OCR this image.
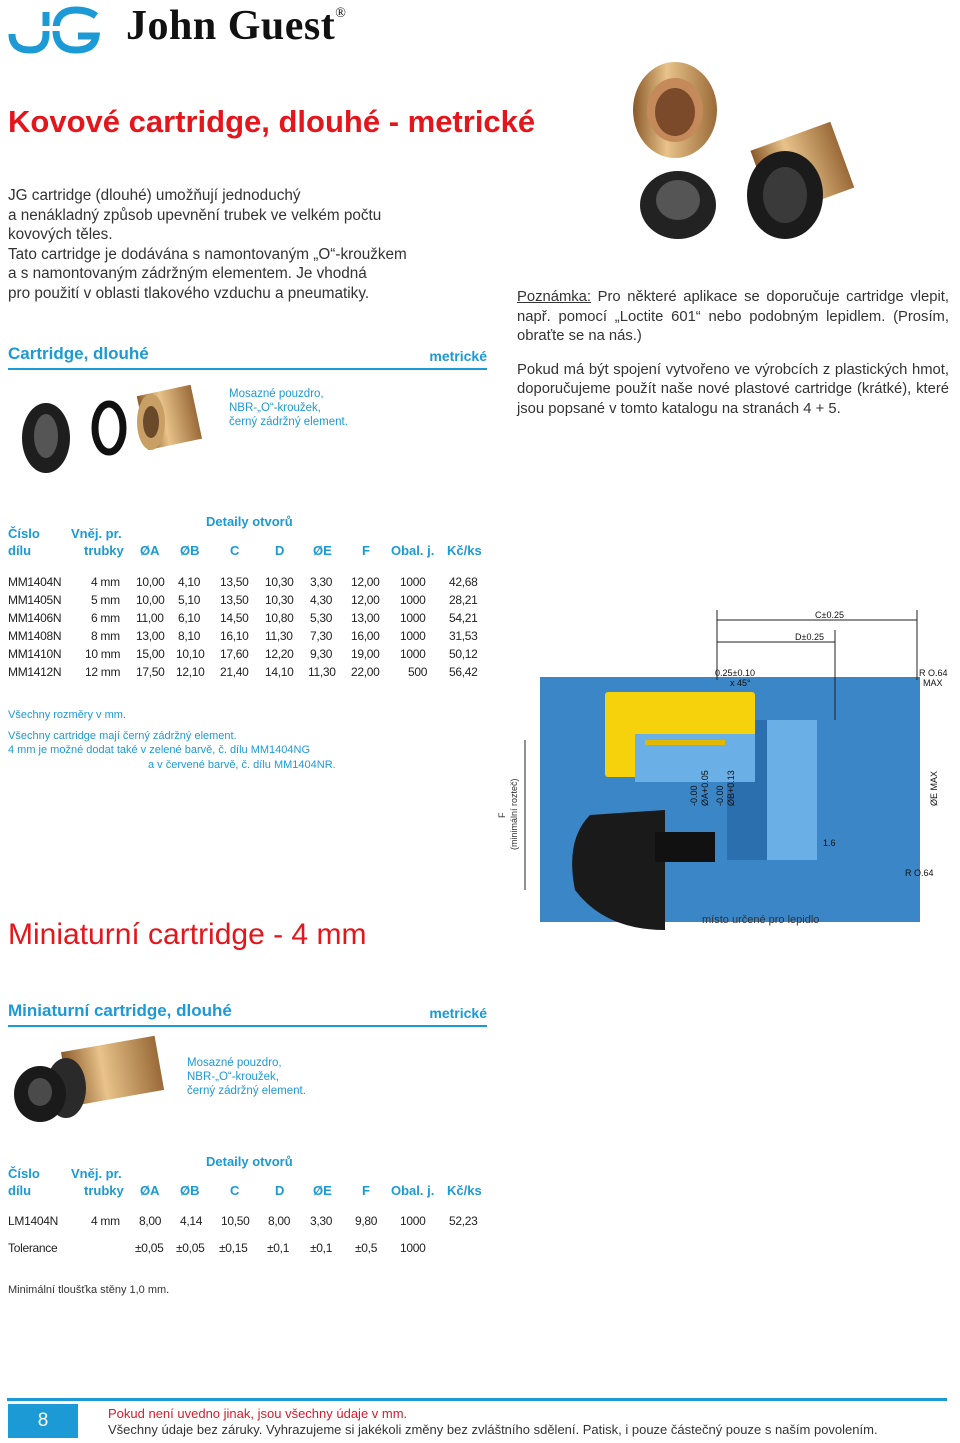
John Guest®
Kovové cartridge, dlouhé - metrické
JG cartridge (dlouhé) umožňují jednoduchý
a nenákladný způsob upevnění trubek ve velkém počtu
kovových těles.
Tato cartridge je dodávána s namontovaným „O“-kroužkem
a s namontovaným zádržným elementem. Je vhodná
pro použití v oblasti tlakového vzduchu a pneumatiky.	Poznámka: Pro některé aplikace se doporučuje cartridge vlepit, např. pomocí „Loctite 601“ nebo podobným lepidlem. (Prosím, obraťte se na nás.)

Pokud má být spojení vytvořeno ve výrobcích z plastických hmot, doporučujeme použít naše nové plastové cartridge (krátké), které jsou popsané v tomto katalogu na stranách 4 + 5.

Cartridge, dlouhé	metrické
Mosazné pouzdro,
NBR-„O“-kroužek,
černý zádržný element.
Detaily otvorů
Číslo Vněj. pr.
dílu	trubky ØA ØB C	D ØE F Obal. j. Kč/ks
MM1404N 4 mm 10,00 4,10 13,50 10,30 3,30 12,00 1000 42,68
MM1405N 5 mm 10,00 5,10 13,50 10,30 4,30 12,00 1000 28,21
MM1406N 6 mm 11,00 6,10 14,50 10,80 5,30 13,00 1000 54,21
MM1408N 8 mm 13,00 8,10 16,10 11,30 7,30 16,00 1000 31,53
MM1410N 10 mm 15,00 10,10 17,60 12,20 9,30 19,00 1000 50,12
MM1412N 12 mm 17,50 12,10 21,40 14,10 11,30 22,00 500 56,42
Všechny rozměry v mm.
Všechny cartridge mají černý zádržný element.
4 mm je možné dodat také v zelené barvě, č. dílu MM1404NG
a v červené barvě, č. dílu MM1404NR.
C±0.25
D±0.25
0.25±0.10
x 45°
R O.64
MAX
1.6
R O.64
-0.00 ØA+0.05 -0.00 ØB+0.13	ØE MAX
F (minimální rozteč)
místo určené pro lepidlo
Miniaturní cartridge - 4 mm
Miniaturní cartridge, dlouhé	metrické
Mosazné pouzdro,
NBR-„O“-kroužek,
černý zádržný element.
Detaily otvorů
Číslo Vněj. pr.
dílu	trubky ØA ØB C	D ØE F Obal. j. Kč/ks
LM1404N	4 mm 8,00 4,14 10,50 8,00 3,30 9,80 1000 52,23
Tolerance	±0,05 ±0,05 ±0,15 ±0,1 ±0,1 ±0,5 1000
Minimální tloušťka stěny 1,0 mm.
8	Pokud není uvedno jinak, jsou všechny údaje v mm.
Všechny údaje bez záruky. Vyhrazujeme si jakékoli změny bez zvláštního sdělení. Patisk, i pouze částečný pouze s naším povolením.
